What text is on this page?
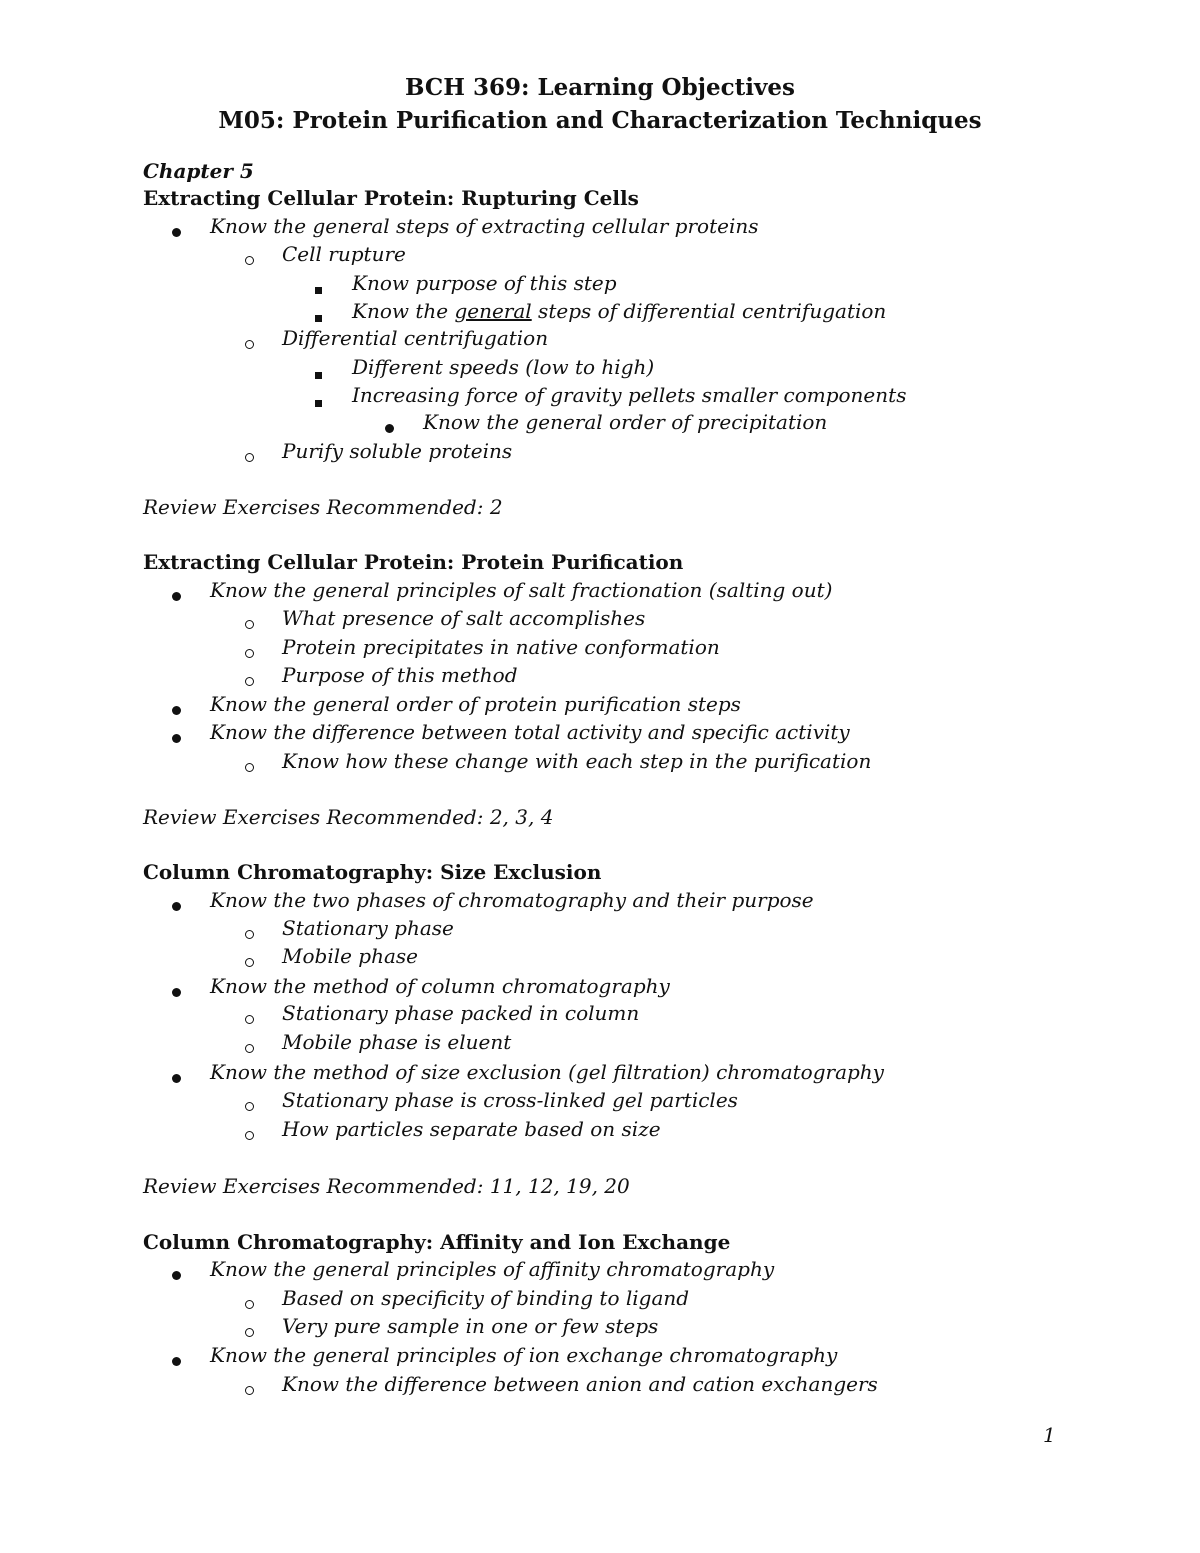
BCH 369: Learning Objectives
M05: Protein Purification and Characterization Techniques
Chapter 5
Extracting Cellular Protein: Rupturing Cells
Know the general steps of extracting cellular proteins
Cell rupture
Know purpose of this step
Know the general steps of differential centrifugation
Differential centrifugation
Different speeds (low to high)
Increasing force of gravity pellets smaller components
Know the general order of precipitation
Purify soluble proteins
Review Exercises Recommended: 2
Extracting Cellular Protein: Protein Purification
Know the general principles of salt fractionation (salting out)
What presence of salt accomplishes
Protein precipitates in native conformation
Purpose of this method
Know the general order of protein purification steps
Know the difference between total activity and specific activity
Know how these change with each step in the purification
Review Exercises Recommended: 2, 3, 4
Column Chromatography: Size Exclusion
Know the two phases of chromatography and their purpose
Stationary phase
Mobile phase
Know the method of column chromatography
Stationary phase packed in column
Mobile phase is eluent
Know the method of size exclusion (gel filtration) chromatography
Stationary phase is cross-linked gel particles
How particles separate based on size
Review Exercises Recommended: 11, 12, 19, 20
Column Chromatography: Affinity and Ion Exchange
Know the general principles of affinity chromatography
Based on specificity of binding to ligand
Very pure sample in one or few steps
Know the general principles of ion exchange chromatography
Know the difference between anion and cation exchangers
1
